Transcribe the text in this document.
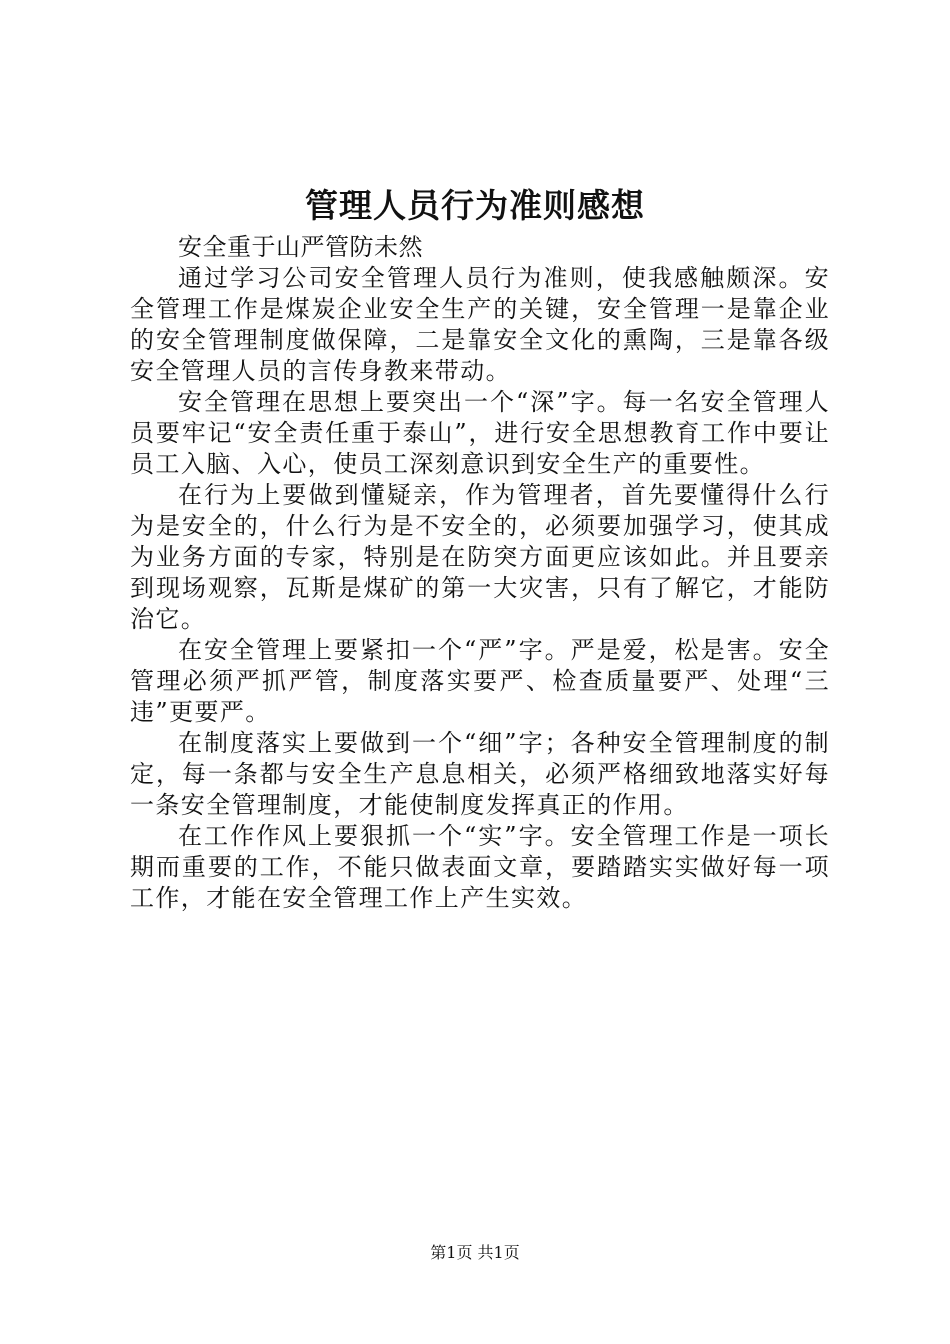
管理人员行为准则感想

安全重于山严管防未然

通过学习公司安全管理人员行为准则，使我感触颇深。安全管理工作是煤炭企业安全生产的关键，安全管理一是靠企业的安全管理制度做保障，二是靠安全文化的熏陶，三是靠各级安全管理人员的言传身教来带动。

安全管理在思想上要突出一个“深”字。每一名安全管理人员要牢记“安全责任重于泰山”，进行安全思想教育工作中要让员工入脑、入心，使员工深刻意识到安全生产的重要性。

在行为上要做到懂疑亲，作为管理者，首先要懂得什么行为是安全的，什么行为是不安全的，必须要加强学习，使其成为业务方面的专家，特别是在防突方面更应该如此。并且要亲到现场观察，瓦斯是煤矿的第一大灾害，只有了解它，才能防治它。

在安全管理上要紧扣一个“严”字。严是爱，松是害。安全管理必须严抓严管，制度落实要严、检查质量要严、处理“三违”更要严。

在制度落实上要做到一个“细”字；各种安全管理制度的制定，每一条都与安全生产息息相关，必须严格细致地落实好每一条安全管理制度，才能使制度发挥真正的作用。

在工作作风上要狠抓一个“实”字。安全管理工作是一项长期而重要的工作，不能只做表面文章，要踏踏实实做好每一项工作，才能在安全管理工作上产生实效。

第1页 共1页
